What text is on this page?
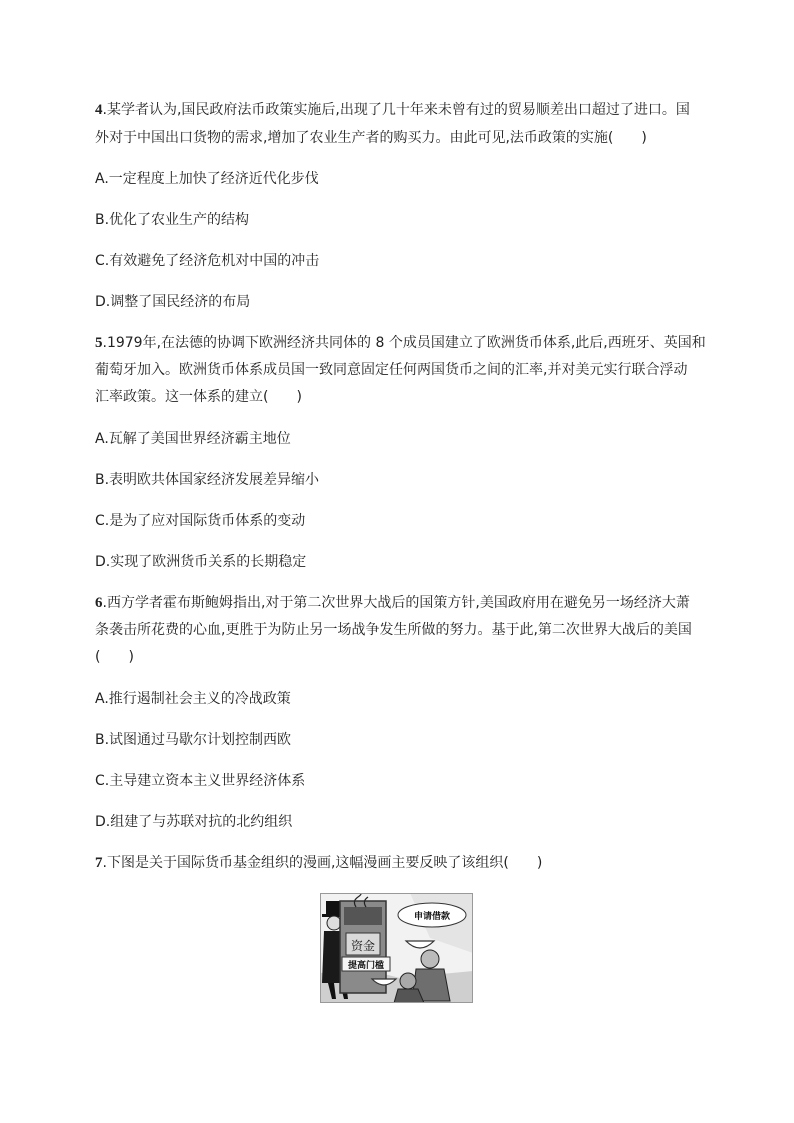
4.某学者认为,国民政府法币政策实施后,出现了几十年来未曾有过的贸易顺差出口超过了进口。国
外对于中国出口货物的需求,增加了农业生产者的购买力。由此可见,法币政策的实施(　　)
A.一定程度上加快了经济近代化步伐
B.优化了农业生产的结构
C.有效避免了经济危机对中国的冲击
D.调整了国民经济的布局
5.1979年,在法德的协调下欧洲经济共同体的 8 个成员国建立了欧洲货币体系,此后,西班牙、英国和
葡萄牙加入。欧洲货币体系成员国一致同意固定任何两国货币之间的汇率,并对美元实行联合浮动
汇率政策。这一体系的建立(　　)
A.瓦解了美国世界经济霸主地位
B.表明欧共体国家经济发展差异缩小
C.是为了应对国际货币体系的变动
D.实现了欧洲货币关系的长期稳定
6.西方学者霍布斯鲍姆指出,对于第二次世界大战后的国策方针,美国政府用在避免另一场经济大萧
条袭击所花费的心血,更胜于为防止另一场战争发生所做的努力。基于此,第二次世界大战后的美国
(　　)
A.推行遏制社会主义的冷战政策
B.试图通过马歇尔计划控制西欧
C.主导建立资本主义世界经济体系
D.组建了与苏联对抗的北约组织
7.下图是关于国际货币基金组织的漫画,这幅漫画主要反映了该组织(　　)
资金
提高门槛
申请借款
